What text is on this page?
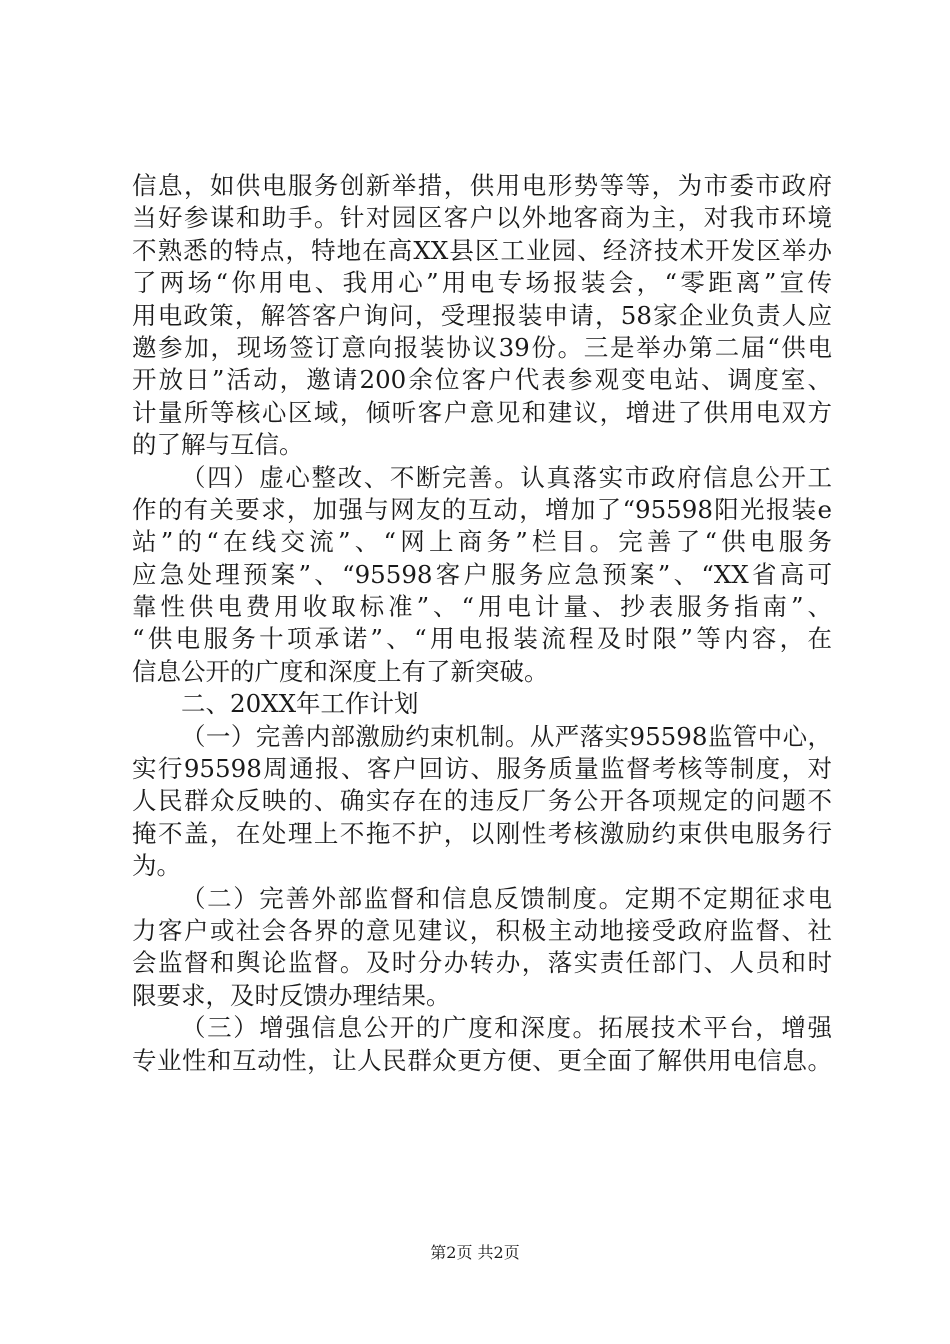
信息，如供电服务创新举措，供用电形势等等，为市委市政府
当好参谋和助手。针对园区客户以外地客商为主，对我市环境
不熟悉的特点，特地在高XX县区工业园、经济技术开发区举办
了两场“你用电、我用心”用电专场报装会，“零距离”宣传
用电政策，解答客户询问，受理报装申请，58家企业负责人应
邀参加，现场签订意向报装协议39份。三是举办第二届“供电
开放日”活动，邀请200余位客户代表参观变电站、调度室、
计量所等核心区域，倾听客户意见和建议，增进了供用电双方
的了解与互信。
（四）虚心整改、不断完善。认真落实市政府信息公开工
作的有关要求，加强与网友的互动，增加了“95598阳光报装e
站”的“在线交流”、“网上商务”栏目。完善了“供电服务
应急处理预案”、“95598客户服务应急预案”、“XX省高可
靠性供电费用收取标准”、“用电计量、抄表服务指南”、
“供电服务十项承诺”、“用电报装流程及时限”等内容，在
信息公开的广度和深度上有了新突破。
二、20XX年工作计划
（一）完善内部激励约束机制。从严落实95598监管中心，
实行95598周通报、客户回访、服务质量监督考核等制度，对
人民群众反映的、确实存在的违反厂务公开各项规定的问题不
掩不盖，在处理上不拖不护，以刚性考核激励约束供电服务行
为。
（二）完善外部监督和信息反馈制度。定期不定期征求电
力客户或社会各界的意见建议，积极主动地接受政府监督、社
会监督和舆论监督。及时分办转办，落实责任部门、人员和时
限要求，及时反馈办理结果。
（三）增强信息公开的广度和深度。拓展技术平台，增强
专业性和互动性，让人民群众更方便、更全面了解供用电信息。
第2页 共2页
